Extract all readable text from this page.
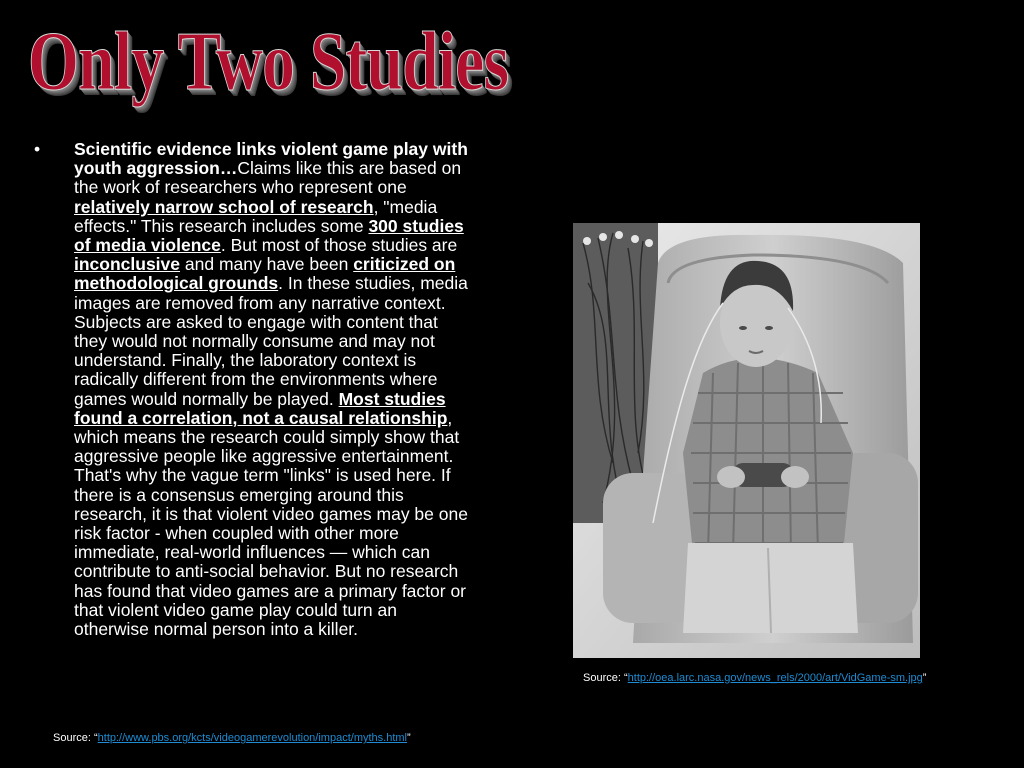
Only Two Studies
• Scientific evidence links violent game play with youth aggression…Claims like this are based on the work of researchers who represent one relatively narrow school of research, "media effects." This research includes some 300 studies of media violence. But most of those studies are inconclusive and many have been criticized on methodological grounds. In these studies, media images are removed from any narrative context. Subjects are asked to engage with content that they would not normally consume and may not understand. Finally, the laboratory context is radically different from the environments where games would normally be played. Most studies found a correlation, not a causal relationship, which means the research could simply show that aggressive people like aggressive entertainment. That's why the vague term "links" is used here. If there is a consensus emerging around this research, it is that violent video games may be one risk factor - when coupled with other more immediate, real-world influences — which can contribute to anti-social behavior. But no research has found that video games are a primary factor or that violent video game play could turn an otherwise normal person into a killer.
Source: “http://oea.larc.nasa.gov/news_rels/2000/art/VidGame-sm.jpg”
Source: “http://www.pbs.org/kcts/videogamerevolution/impact/myths.html”
